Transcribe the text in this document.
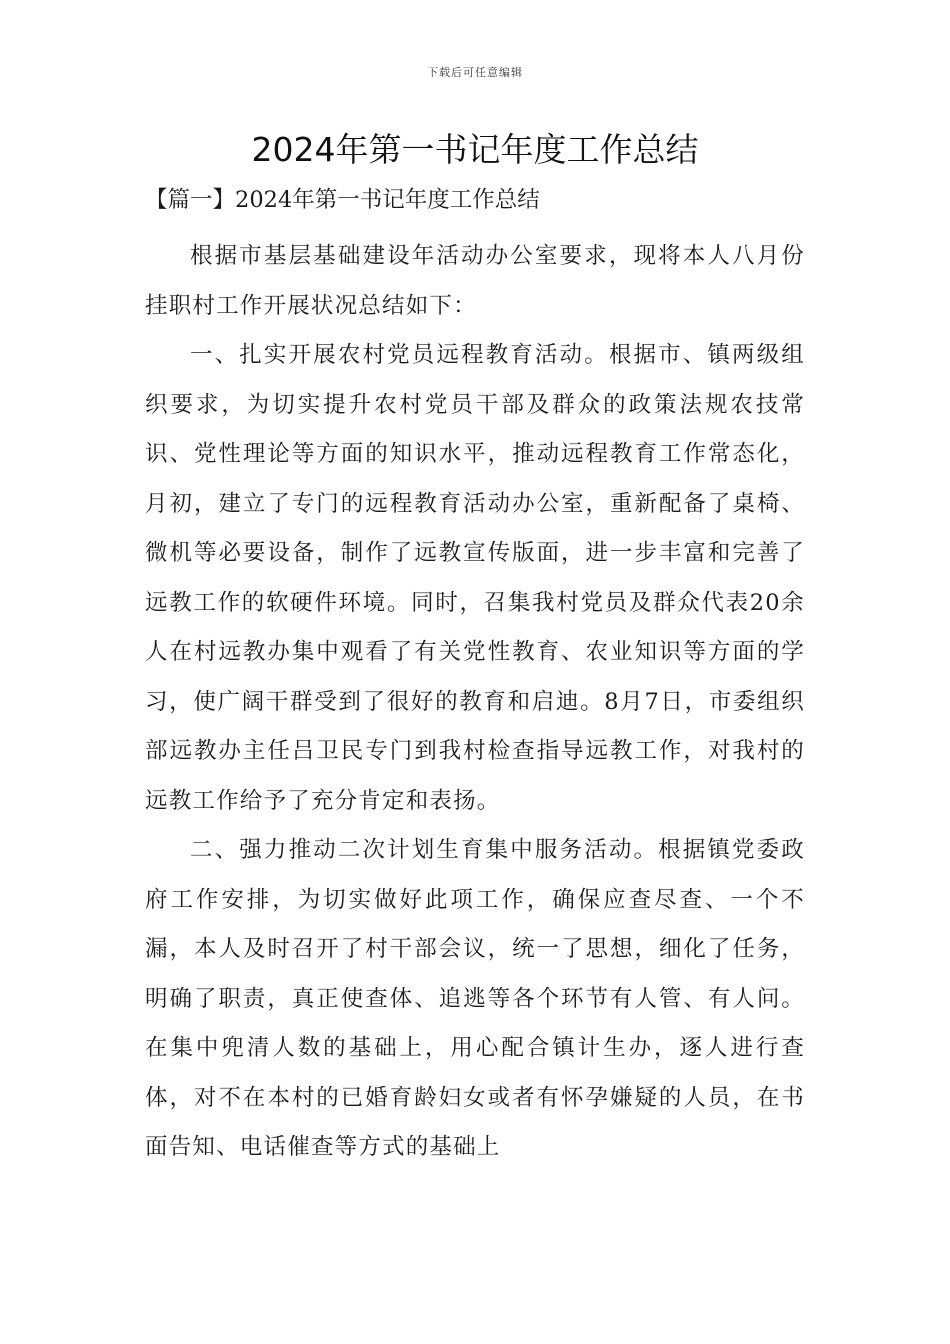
下载后可任意编辑
2024年第一书记年度工作总结

【篇一】2024年第一书记年度工作总结

根据市基层基础建设年活动办公室要求，现将本人八月份挂职村工作开展状况总结如下：

一、扎实开展农村党员远程教育活动。根据市、镇两级组织要求，为切实提升农村党员干部及群众的政策法规农技常识、党性理论等方面的知识水平，推动远程教育工作常态化，月初，建立了专门的远程教育活动办公室，重新配备了桌椅、微机等必要设备，制作了远教宣传版面，进一步丰富和完善了远教工作的软硬件环境。同时，召集我村党员及群众代表20余人在村远教办集中观看了有关党性教育、农业知识等方面的学习，使广阔干群受到了很好的教育和启迪。8月7日，市委组织部远教办主任吕卫民专门到我村检查指导远教工作，对我村的远教工作给予了充分肯定和表扬。

二、强力推动二次计划生育集中服务活动。根据镇党委政府工作安排，为切实做好此项工作，确保应查尽查、一个不漏，本人及时召开了村干部会议，统一了思想，细化了任务，明确了职责，真正使查体、追逃等各个环节有人管、有人问。在集中兜清人数的基础上，用心配合镇计生办，逐人进行查体，对不在本村的已婚育龄妇女或者有怀孕嫌疑的人员，在书面告知、电话催查等方式的基础上
